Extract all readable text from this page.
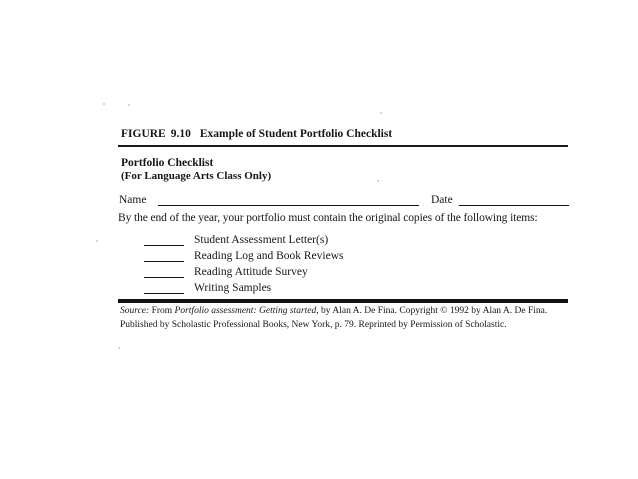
FIGURE 9.10 Example of Student Portfolio Checklist
Portfolio Checklist
(For Language Arts Class Only)
Name	Date
By the end of the year, your portfolio must contain the original copies of the following items:
Student Assessment Letter(s)
Reading Log and Book Reviews
Reading Attitude Survey
Writing Samples
Source: From Portfolio assessment: Getting started, by Alan A. De Fina. Copyright © 1992 by Alan A. De Fina.
Published by Scholastic Professional Books, New York, p. 79. Reprinted by Permission of Scholastic.
